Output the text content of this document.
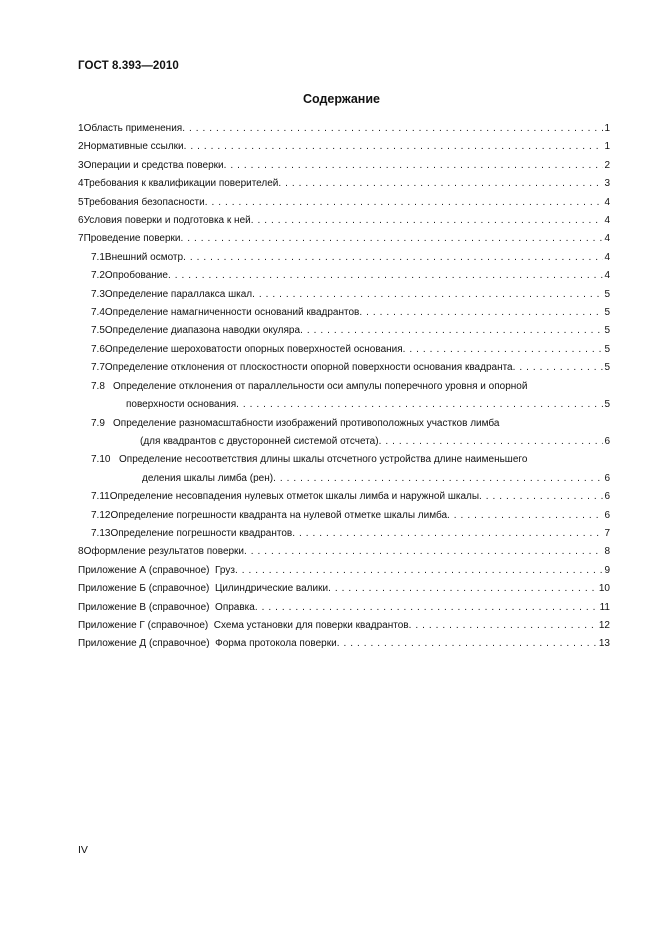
ГОСТ 8.393—2010
Содержание
1 Область применения . . .	1
2 Нормативные ссылки . . .	1
3 Операции и средства поверки . . .	2
4 Требования к квалификации поверителей . . .	3
5 Требования безопасности . . .	4
6 Условия поверки и подготовка к ней . . .	4
7 Проведение поверки . . .	4
7.1 Внешний осмотр . . .	4
7.2 Опробование . . .	4
7.3 Определение параллакса шкал . . .	5
7.4 Определение намагниченности оснований квадрантов . . .	5
7.5 Определение диапазона наводки окуляра . . .	5
7.6 Определение шероховатости опорных поверхностей основания . . .	5
7.7 Определение отклонения от плоскостности опорной поверхности основания квадранта . . .	5
7.8 Определение отклонения от параллельности оси ампулы поперечного уровня и опорной
поверхности основания . . .	5
7.9 Определение разномасштабности изображений противоположных участков лимба
(для квадрантов с двусторонней системой отсчета) . . .	6
7.10 Определение несоответствия длины шкалы отсчетного устройства длине наименьшего
деления шкалы лимба (рен) . . .	6
7.11 Определение несовпадения нулевых отметок шкалы лимба и наружной шкалы . . .	6
7.12 Определение погрешности квадранта на нулевой отметке шкалы лимба . . .	6
7.13 Определение погрешности квадрантов . . .	7
8 Оформление результатов поверки . . .	8
Приложение А (справочное)
Груз . . .	9
Приложение Б (справочное)
Цилиндрические валики . . .	10
Приложение В (справочное)
Оправка . . .	11
Приложение Г (справочное)
Схема установки для поверки квадрантов . . .	12
Приложение Д (справочное)
Форма протокола поверки . . .	13
IV
